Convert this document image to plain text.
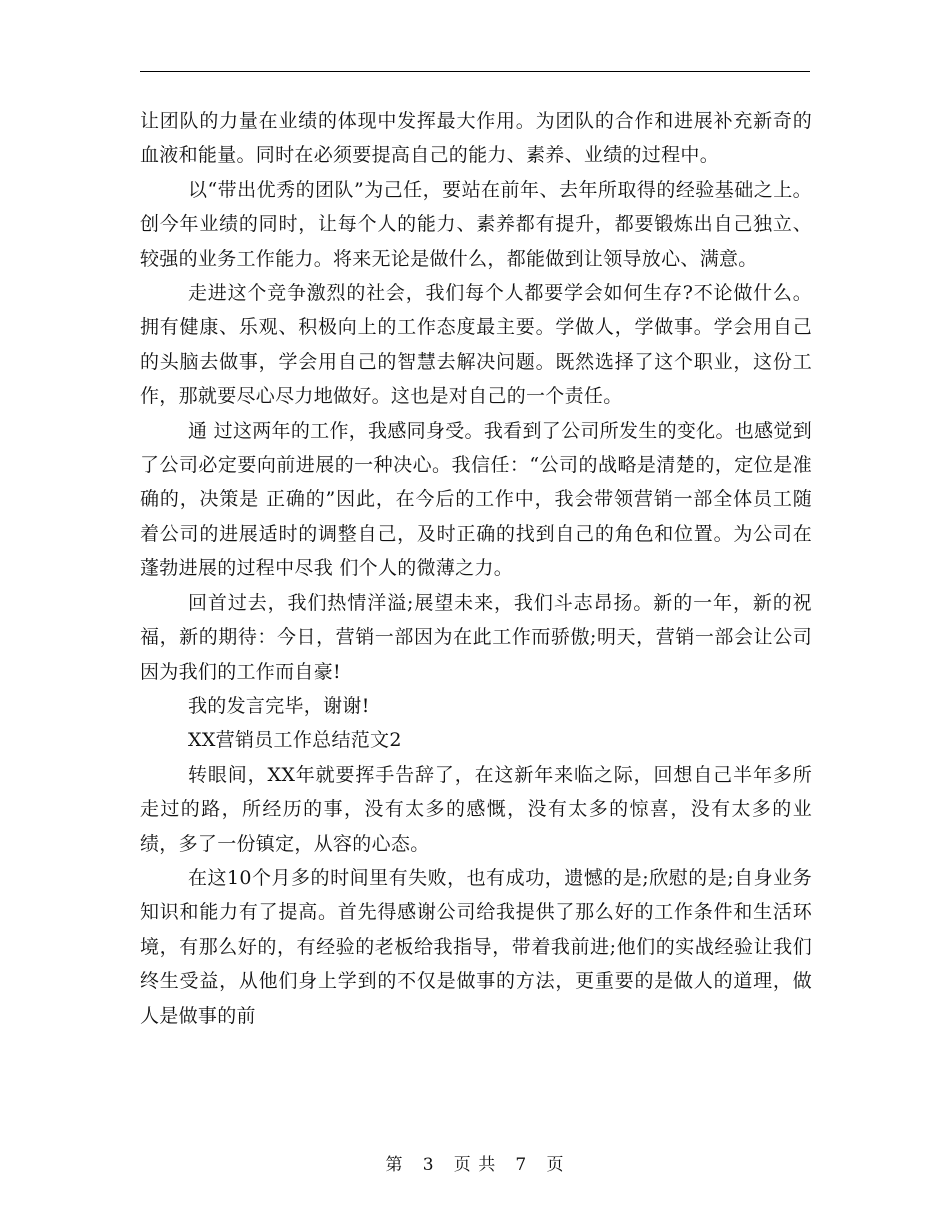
让团队的力量在业绩的体现中发挥最大作用。为团队的合作和进展补充新奇的血液和能量。同时在必须要提高自己的能力、素养、业绩的过程中。

以“带出优秀的团队”为己任，要站在前年、去年所取得的经验基础之上。创今年业绩的同时，让每个人的能力、素养都有提升，都要锻炼出自己独立、较强的业务工作能力。将来无论是做什么，都能做到让领导放心、满意。

走进这个竞争激烈的社会，我们每个人都要学会如何生存?不论做什么。拥有健康、乐观、积极向上的工作态度最主要。学做人，学做事。学会用自己的头脑去做事，学会用自己的智慧去解决问题。既然选择了这个职业，这份工作，那就要尽心尽力地做好。这也是对自己的一个责任。

通 过这两年的工作，我感同身受。我看到了公司所发生的变化。也感觉到了公司必定要向前进展的一种决心。我信任：“公司的战略是清楚的，定位是准确的，决策是 正确的”因此，在今后的工作中，我会带领营销一部全体员工随着公司的进展适时的调整自己，及时正确的找到自己的角色和位置。为公司在蓬勃进展的过程中尽我 们个人的微薄之力。

回首过去，我们热情洋溢;展望未来，我们斗志昂扬。新的一年，新的祝福，新的期待：今日，营销一部因为在此工作而骄傲;明天，营销一部会让公司因为我们的工作而自豪!

我的发言完毕，谢谢!

XX营销员工作总结范文2

转眼间，XX年就要挥手告辞了，在这新年来临之际，回想自己半年多所走过的路，所经历的事，没有太多的感慨，没有太多的惊喜，没有太多的业绩，多了一份镇定，从容的心态。

在这10个月多的时间里有失败，也有成功，遗憾的是;欣慰的是;自身业务知识和能力有了提高。首先得感谢公司给我提供了那么好的工作条件和生活环境，有那么好的，有经验的老板给我指导，带着我前进;他们的实战经验让我们终生受益，从他们身上学到的不仅是做事的方法，更重要的是做人的道理，做人是做事的前

第 3 页 共 7 页
